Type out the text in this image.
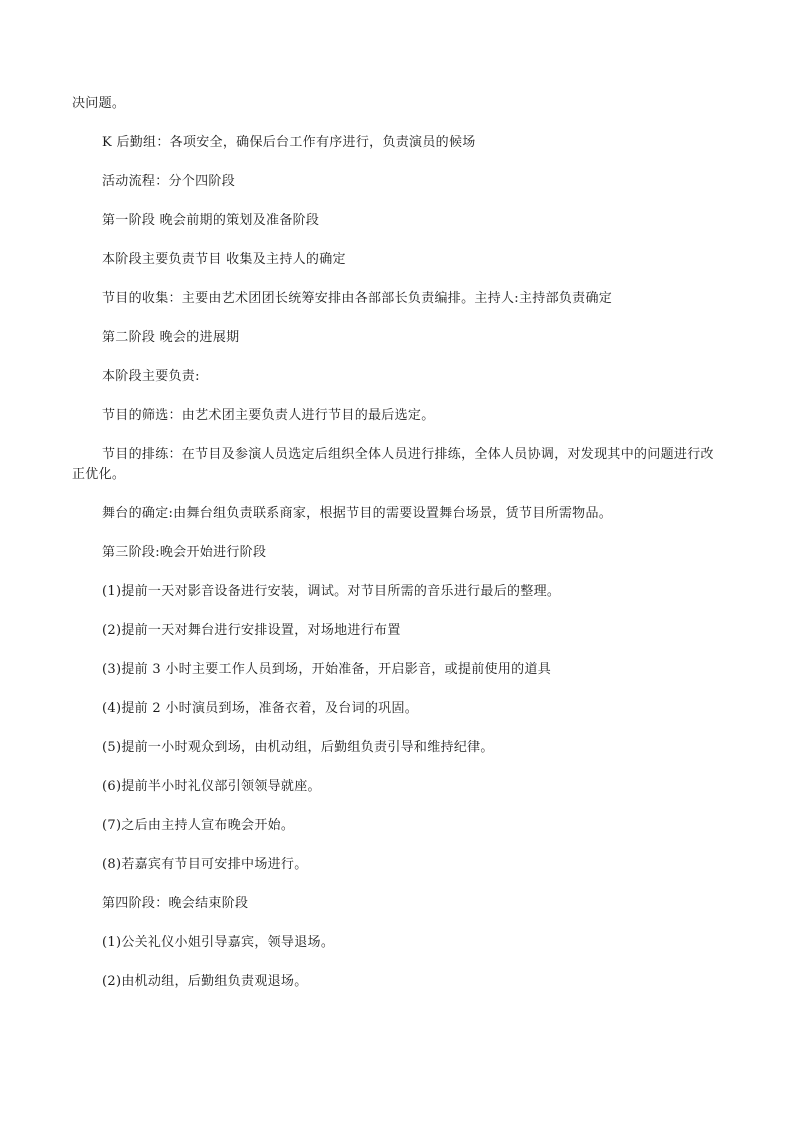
决问题。

K 后勤组：各项安全，确保后台工作有序进行，负责演员的候场

活动流程：分个四阶段

第一阶段 晚会前期的策划及准备阶段

本阶段主要负责节目 收集及主持人的确定

节目的收集：主要由艺术团团长统筹安排由各部部长负责编排。主持人:主持部负责确定

第二阶段 晚会的进展期

本阶段主要负责:

节目的筛选：由艺术团主要负责人进行节目的最后选定。

节目的排练：在节目及参演人员选定后组织全体人员进行排练，全体人员协调，对发现其中的问题进行改正优化。

舞台的确定:由舞台组负责联系商家，根据节目的需要设置舞台场景，赁节目所需物品。

第三阶段:晚会开始进行阶段

(1)提前一天对影音设备进行安装，调试。对节目所需的音乐进行最后的整理。

(2)提前一天对舞台进行安排设置，对场地进行布置

(3)提前 3 小时主要工作人员到场，开始准备，开启影音，或提前使用的道具

(4)提前 2 小时演员到场，准备衣着，及台词的巩固。

(5)提前一小时观众到场，由机动组，后勤组负责引导和维持纪律。

(6)提前半小时礼仪部引领领导就座。

(7)之后由主持人宣布晚会开始。

(8)若嘉宾有节目可安排中场进行。

第四阶段：晚会结束阶段

(1)公关礼仪小姐引导嘉宾，领导退场。

(2)由机动组，后勤组负责观退场。
